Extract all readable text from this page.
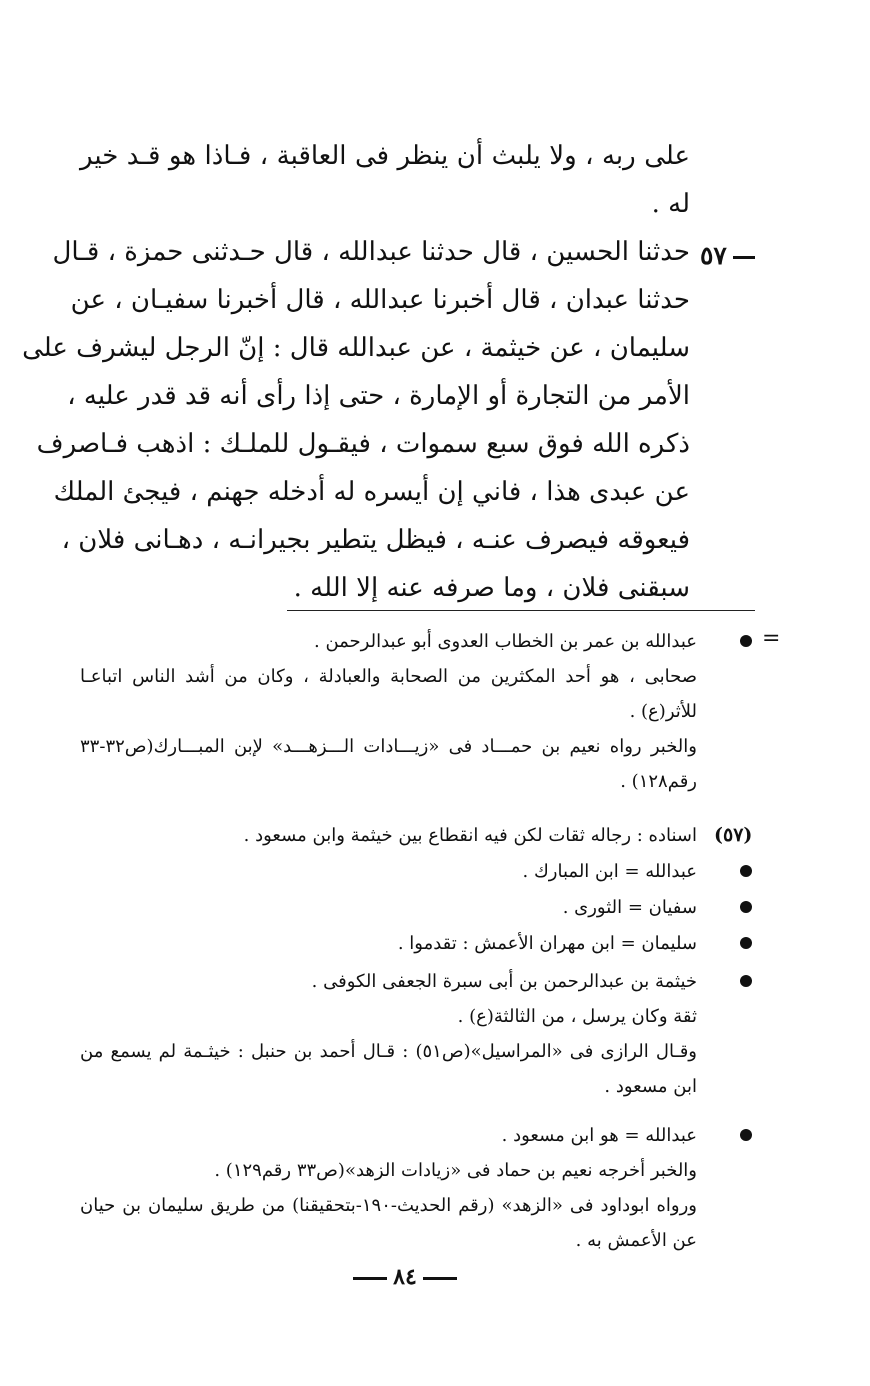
على ربه ، ولا يلبث أن ينظر فى العاقبة ، فـاذا هو قـد خير
له .
حدثنا الحسين ، قال حدثنا عبدالله ، قال حـدثنى حمزة ، قـال
حدثنا عبدان ، قال أخبرنا عبدالله ، قال أخبرنا سفيـان ، عن
سليمان ، عن خيثمة ، عن عبدالله قال : إنّ الرجل ليشرف على
الأمر من التجارة أو الإمارة ، حتى إذا رأى أنه قد قدر عليه ،
ذكره الله فوق سبع سموات ، فيقـول للملـك : اذهب فـاصرف
عن عبدى هذا ، فاني إن أيسره له أدخله جهنم ، فيجئ الملك
فيعوقه فيصرف عنـه ، فيظل يتطير بجيرانـه ، دهـانى فلان ،
سبقنى فلان ، وما صرفه عنه إلا الله .
٥٧
=
عبدالله بن عمر بن الخطاب العدوى أبو عبدالرحمن .
صحابى ، هو أحد المكثرين من الصحابة والعبادلة ، وكان من أشد الناس اتباعـا
للأثر(ع) .
والخبر رواه نعيم بن حمـــاد فى «زيـــادات الـــزهـــد» لإبن المبـــارك(ص٣٢-٣٣
رقم١٢٨) .
(٥٧)
اسناده : رجاله ثقات لكن فيه انقطاع بين خيثمة وابن مسعود .
عبدالله = ابن المبارك .
سفيان = الثورى .
سليمان = ابن مهران الأعمش : تقدموا .
خيثمة بن عبدالرحمن بن أبى سبرة الجعفى الكوفى .
ثقة وكان يرسل ، من الثالثة(ع) .
وقـال الرازى فى «المراسيل»(ص٥١) : قـال أحمد بن حنبل : خيثـمة لم يسمع من
ابن مسعود .
عبدالله = هو ابن مسعود .
والخبر أخرجه نعيم بن حماد فى «زيادات الزهد»(ص٣٣ رقم١٢٩) .
ورواه ابوداود فى «الزهد» (رقم الحديث-١٩٠-بتحقيقنا) من طريق سليمان بن حيان
عن الأعمش به .
٨٤
